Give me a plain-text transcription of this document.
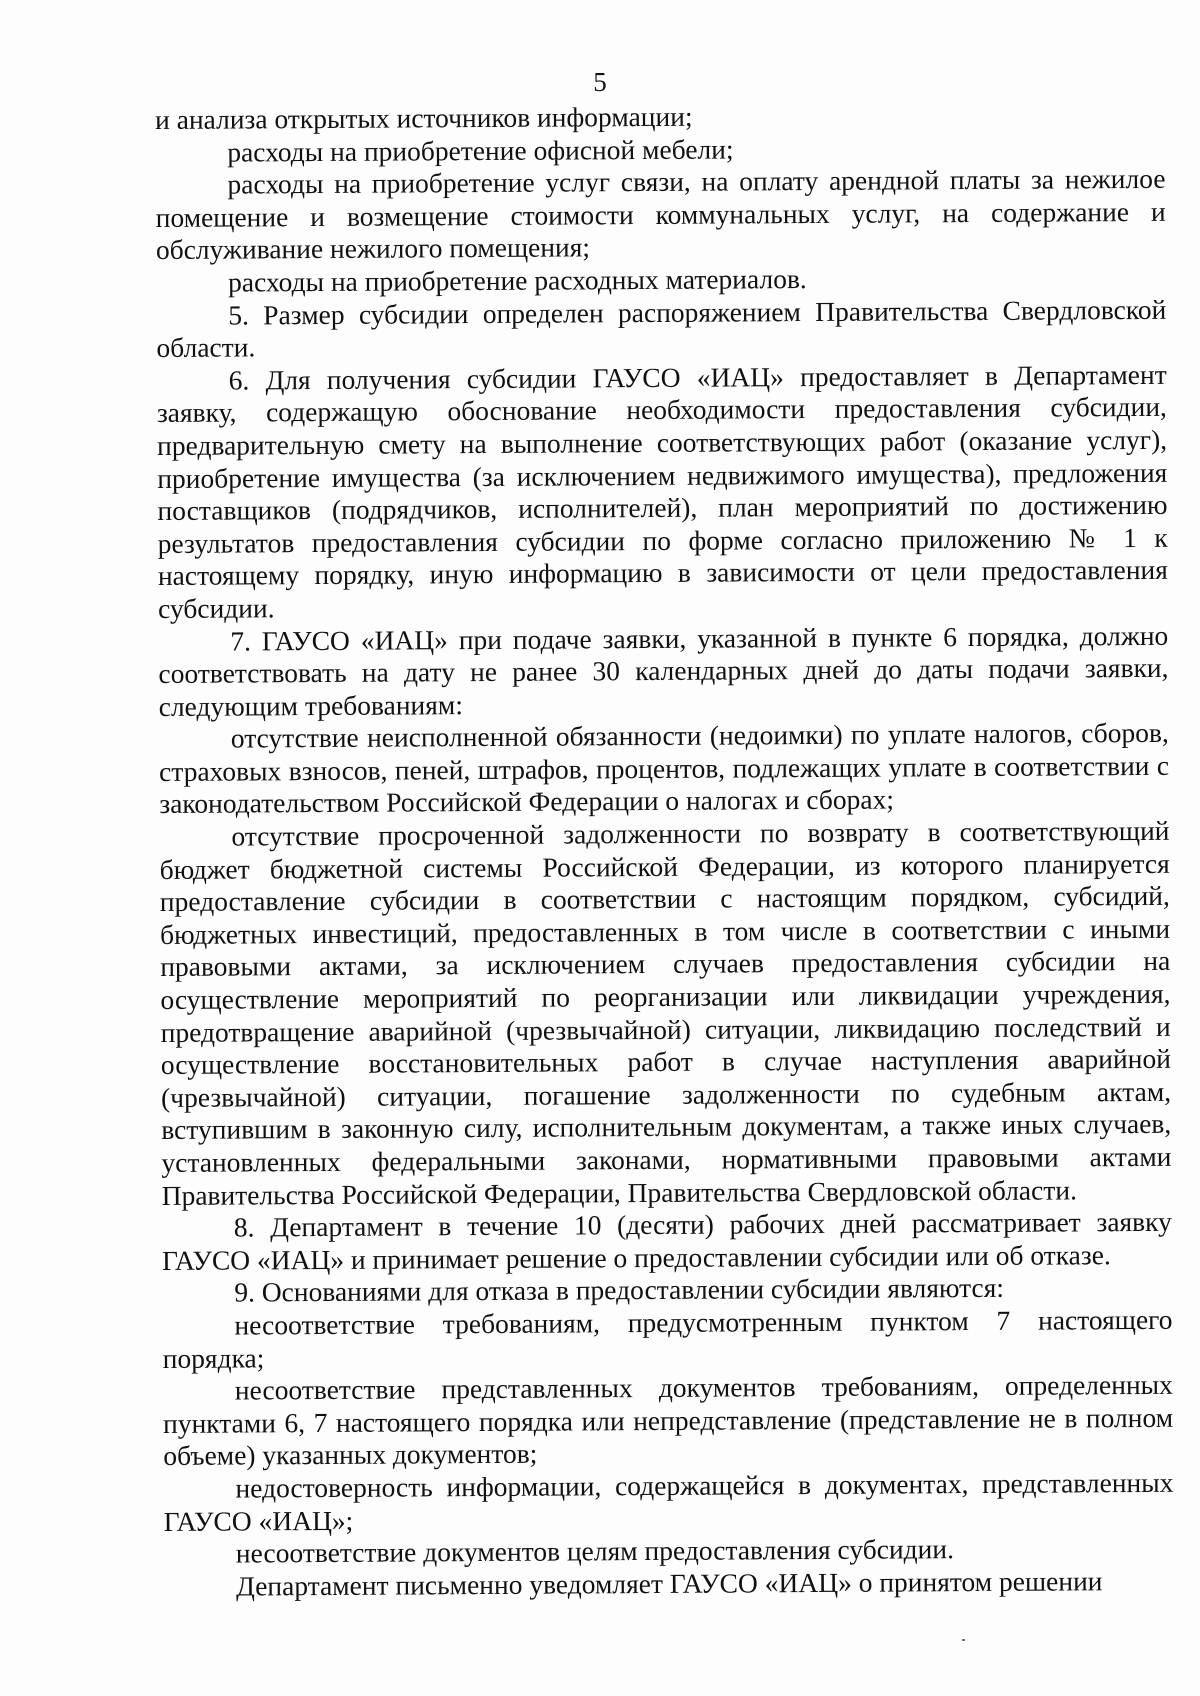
5

и анализа открытых источников информации;

расходы на приобретение офисной мебели;

расходы на приобретение услуг связи, на оплату арендной платы за нежилое помещение и возмещение стоимости коммунальных услуг, на содержание и обслуживание нежилого помещения;

расходы на приобретение расходных материалов.

5. Размер субсидии определен распоряжением Правительства Свердловской области.

6. Для получения субсидии ГАУСО «ИАЦ» предоставляет в Департамент заявку, содержащую обоснование необходимости предоставления субсидии, предварительную смету на выполнение соответствующих работ (оказание услуг), приобретение имущества (за исключением недвижимого имущества), предложения поставщиков (подрядчиков, исполнителей), план мероприятий по достижению результатов предоставления субсидии по форме согласно приложению № 1 к настоящему порядку, иную информацию в зависимости от цели предоставления субсидии.

7. ГАУСО «ИАЦ» при подаче заявки, указанной в пункте 6 порядка, должно соответствовать на дату не ранее 30 календарных дней до даты подачи заявки, следующим требованиям:

отсутствие неисполненной обязанности (недоимки) по уплате налогов, сборов, страховых взносов, пеней, штрафов, процентов, подлежащих уплате в соответствии с законодательством Российской Федерации о налогах и сборах;

отсутствие просроченной задолженности по возврату в соответствующий бюджет бюджетной системы Российской Федерации, из которого планируется предоставление субсидии в соответствии с настоящим порядком, субсидий, бюджетных инвестиций, предоставленных в том числе в соответствии с иными правовыми актами, за исключением случаев предоставления субсидии на осуществление мероприятий по реорганизации или ликвидации учреждения, предотвращение аварийной (чрезвычайной) ситуации, ликвидацию последствий и осуществление восстановительных работ в случае наступления аварийной (чрезвычайной) ситуации, погашение задолженности по судебным актам, вступившим в законную силу, исполнительным документам, а также иных случаев, установленных федеральными законами, нормативными правовыми актами Правительства Российской Федерации, Правительства Свердловской области.

8. Департамент в течение 10 (десяти) рабочих дней рассматривает заявку ГАУСО «ИАЦ» и принимает решение о предоставлении субсидии или об отказе.

9. Основаниями для отказа в предоставлении субсидии являются:

несоответствие требованиям, предусмотренным пунктом 7 настоящего порядка;

несоответствие представленных документов требованиям, определенных пунктами 6, 7 настоящего порядка или непредставление (представление не в полном объеме) указанных документов;

недостоверность информации, содержащейся в документах, представленных ГАУСО «ИАЦ»;

несоответствие документов целям предоставления субсидии.

Департамент письменно уведомляет ГАУСО «ИАЦ» о принятом решении
